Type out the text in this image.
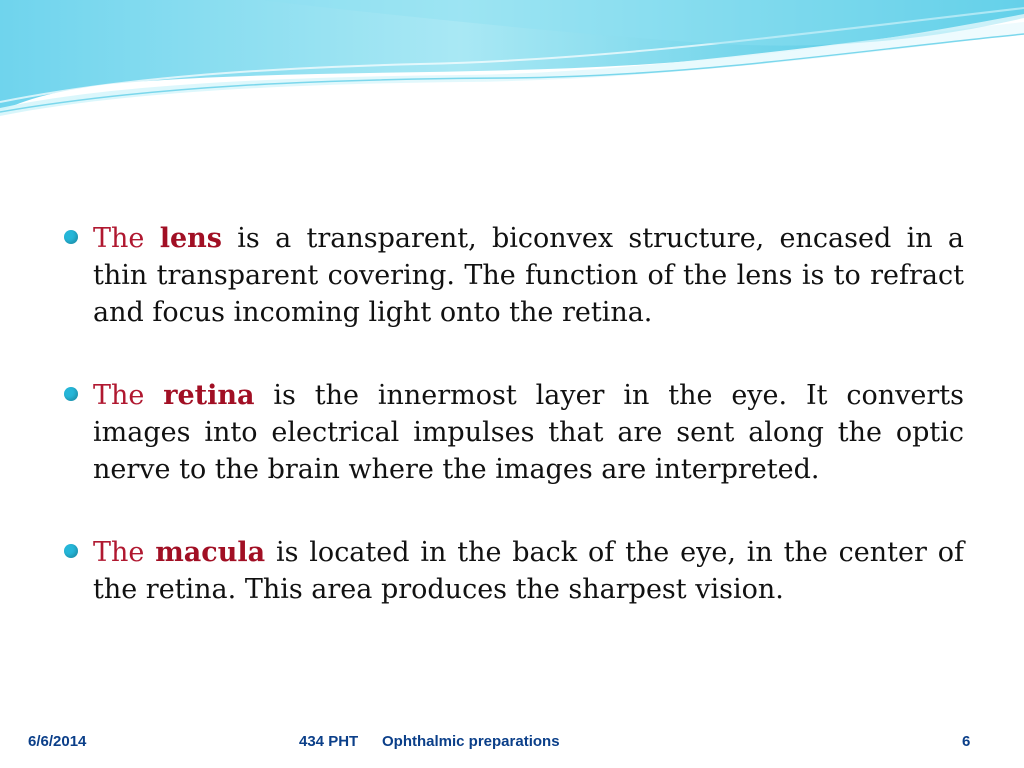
The lens is a transparent, biconvex structure, encased in a thin transparent covering. The function of the lens is to refract and focus incoming light onto the retina.
The retina is the innermost layer in the eye. It converts images into electrical impulses that are sent along the optic nerve to the brain where the images are interpreted.
The macula is located in the back of the eye, in the center of the retina. This area produces the sharpest vision.
6/6/2014	434 PHT Ophthalmic preparations	6
